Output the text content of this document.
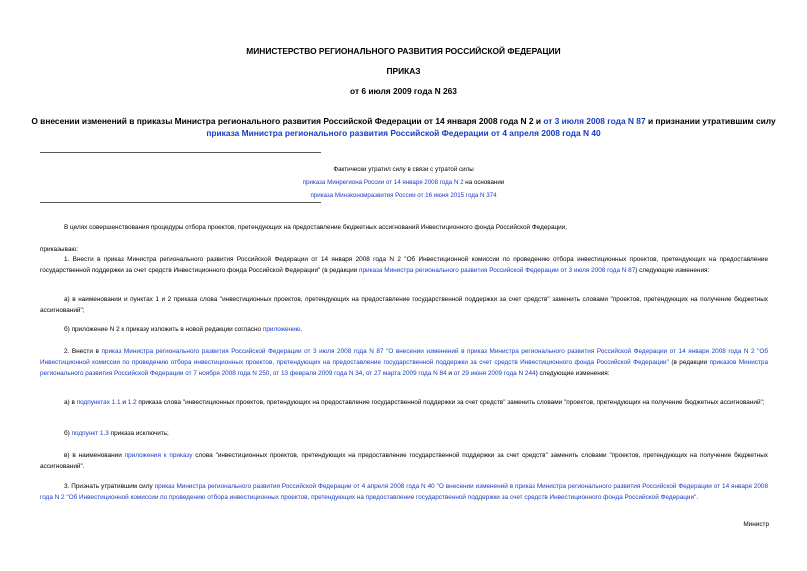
МИНИСТЕРСТВО РЕГИОНАЛЬНОГО РАЗВИТИЯ РОССИЙСКОЙ ФЕДЕРАЦИИ
ПРИКАЗ
от 6 июля 2009 года N 263
О внесении изменений в приказы Министра регионального развития Российской Федерации от 14 января 2008 года N 2 и от 3 июля 2008 года N 87 и признании утратившим силу приказа Министра регионального развития Российской Федерации от 4 апреля 2008 года N 40
Фактически утратил силу в связи с утратой силы
приказа Минрегиона России от 14 января 2008 года N 2 на основании
приказа Минэкономразвития России от 16 июня 2015 года N 374

В целях совершенствования процедуры отбора проектов, претендующих на предоставление бюджетных ассигнований Инвестиционного фонда Российской Федерации,

приказываю:

1. Внести в приказ Министра регионального развития Российской Федерации от 14 января 2008 года N 2 "Об Инвестиционной комиссии по проведению отбора инвестиционных проектов, претендующих на предоставление государственной поддержки за счет средств Инвестиционного фонда Российской Федерации" (в редакции приказа Министра регионального развития Российской Федерации от 3 июля 2008 года N 87) следующие изменения:

а) в наименовании и пунктах 1 и 2 приказа слова "инвестиционных проектов, претендующих на предоставление государственной поддержки за счет средств" заменить словами "проектов, претендующих на получение бюджетных ассигнований";

б) приложение N 2 к приказу изложить в новой редакции согласно приложению.

2. Внести в приказ Министра регионального развития Российской Федерации от 3 июля 2008 года N 87 "О внесении изменений в приказ Министра регионального развития Российской Федерации от 14 января 2008 года N 2 "Об Инвестиционной комиссии по проведению отбора инвестиционных проектов, претендующих на предоставление государственной поддержки за счет средств Инвестиционного фонда Российской Федерации" (в редакции приказов Министра регионального развития Российской Федерации от 7 ноября 2008 года N 250, от 13 февраля 2009 года N 34, от 27 марта 2009 года N 84 и от 29 июня 2009 года N 244) следующие изменения:

а) в подпунктах 1.1 и 1.2 приказа слова "инвестиционных проектов, претендующих на предоставление государственной поддержки за счет средств" заменить словами "проектов, претендующих на получение бюджетных ассигнований";

б) подпункт 1.3 приказа исключить;

в) в наименовании приложения к приказу слова "инвестиционных проектов, претендующих на предоставление государственной поддержки за счет средств" заменить словами "проектов, претендующих на получение бюджетных ассигнований".

3. Признать утратившим силу приказ Министра регионального развития Российской Федерации от 4 апреля 2008 года N 40 "О внесении изменений в приказ Министра регионального развития Российской Федерации от 14 января 2008 года N 2 "Об Инвестиционной комиссии по проведению отбора инвестиционных проектов, претендующих на предоставление государственной поддержки за счет средств Инвестиционного фонда Российской Федерации".

Министр
